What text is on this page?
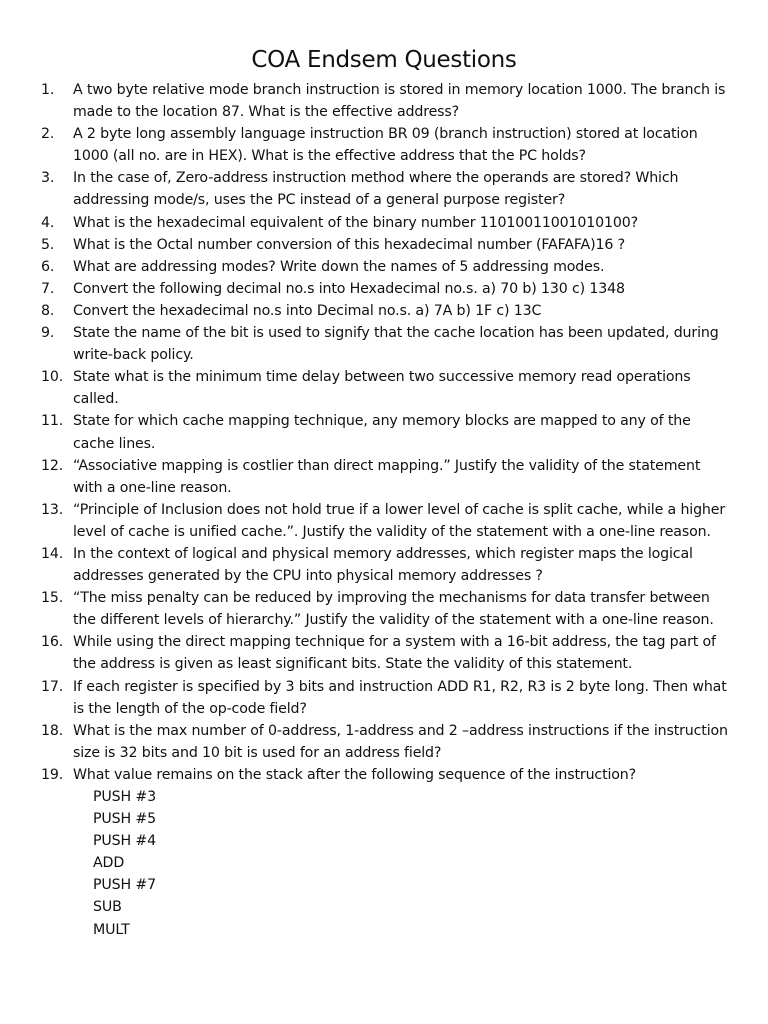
COA Endsem Questions
1.	A two byte relative mode branch instruction is stored in memory location 1000. The branch is made to the location 87. What is the effective address?
2.	A 2 byte long assembly language instruction BR 09 (branch instruction) stored at location 1000 (all no. are in HEX). What is the effective address that the PC holds?
3.	In the case of, Zero-address instruction method where the operands are stored? Which addressing mode/s, uses the PC instead of a general purpose register?
4.	What is the hexadecimal equivalent of the binary number 11010011001010100?
5.	What is the Octal number conversion of this hexadecimal number (FAFAFA)16 ?
6.	What are addressing modes? Write down the names of 5 addressing modes.
7.	Convert the following decimal no.s into Hexadecimal no.s. a) 70 b) 130 c) 1348
8.	Convert the hexadecimal no.s into Decimal no.s. a) 7A b) 1F c) 13C
9.	State the name of the bit is used to signify that the cache location has been updated, during write-back policy.
10. State what is the minimum time delay between two successive memory read operations called.
11. State for which cache mapping technique, any memory blocks are mapped to any of the cache lines.
12. “Associative mapping is costlier than direct mapping.” Justify the validity of the statement with a one-line reason.
13. “Principle of Inclusion does not hold true if a lower level of cache is split cache, while a higher level of cache is unified cache.”. Justify the validity of the statement with a one-line reason.
14. In the context of logical and physical memory addresses, which register maps the logical addresses generated by the CPU into physical memory addresses ?
15. “The miss penalty can be reduced by improving the mechanisms for data transfer between the different levels of hierarchy.” Justify the validity of the statement with a one-line reason.
16. While using the direct mapping technique for a system with a 16-bit address, the tag part of the address is given as least significant bits. State the validity of this statement.
17. If each register is specified by 3 bits and instruction ADD R1, R2, R3 is 2 byte long. Then what is the length of the op-code field?
18. What is the max number of 0-address, 1-address and 2 –address instructions if the instruction size is 32 bits and 10 bit is used for an address field?
19. What value remains on the stack after the following sequence of the instruction?
PUSH #3
PUSH #5
PUSH #4
ADD
PUSH #7
SUB
MULT
